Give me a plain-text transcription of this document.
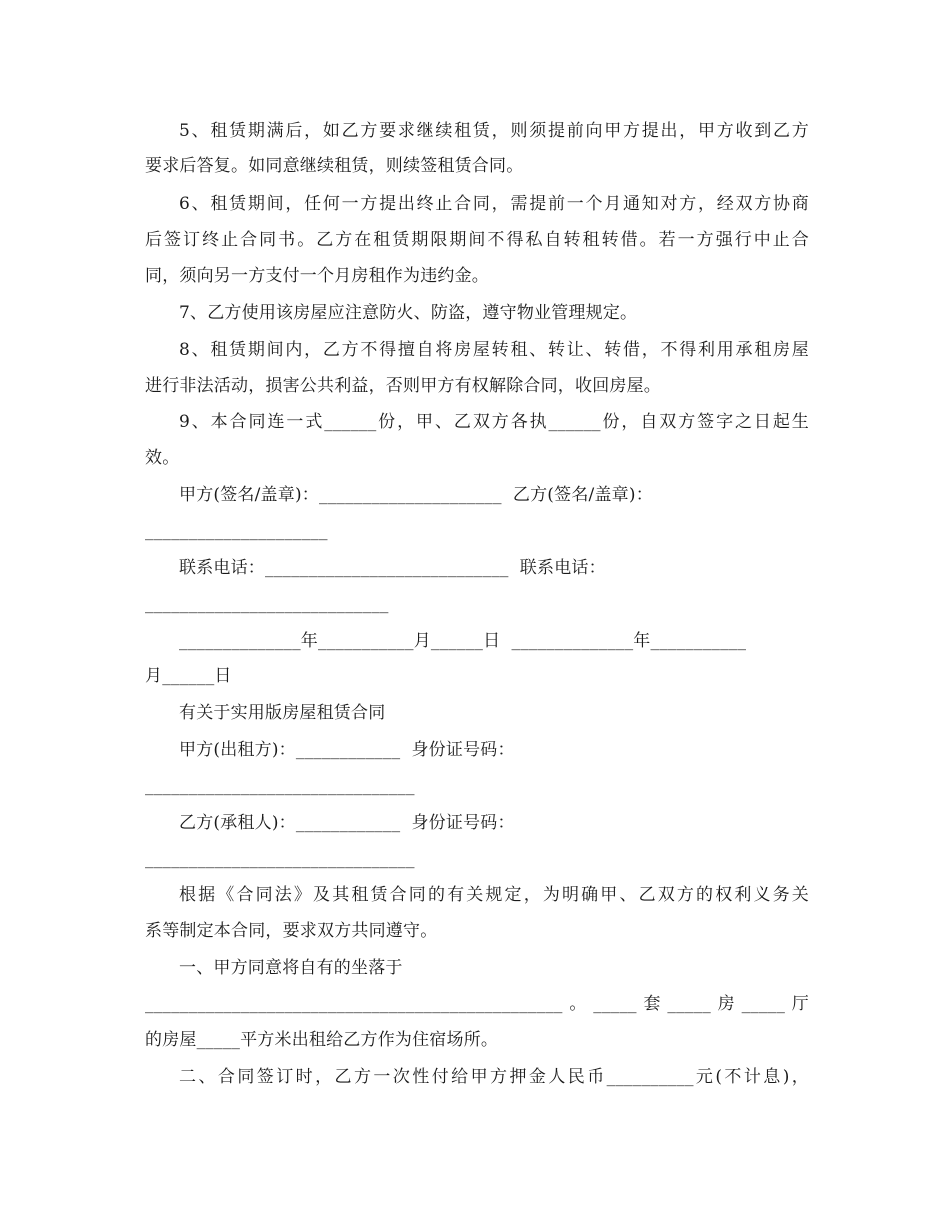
5、租赁期满后，如乙方要求继续租赁，则须提前向甲方提出，甲方收到乙方
要求后答复。如同意继续租赁，则续签租赁合同。
6、租赁期间，任何一方提出终止合同，需提前一个月通知对方，经双方协商
后签订终止合同书。乙方在租赁期限期间不得私自转租转借。若一方强行中止合
同，须向另一方支付一个月房租作为违约金。
7、乙方使用该房屋应注意防火、防盗，遵守物业管理规定。
8、租赁期间内，乙方不得擅自将房屋转租、转让、转借，不得利用承租房屋
进行非法活动，损害公共利益，否则甲方有权解除合同，收回房屋。
9、本合同连一式______份，甲、乙双方各执______份，自双方签字之日起生
效。
甲方(签名/盖章)：_____________________  乙方(签名/盖章)：
_____________________
联系电话：____________________________  联系电话：
____________________________
______________年___________月______日  ______________年___________
月______日
有关于实用版房屋租赁合同
甲方(出租方)：____________  身份证号码：
_______________________________
乙方(承租人)：____________  身份证号码：
_______________________________
根据《合同法》及其租赁合同的有关规定，为明确甲、乙双方的权利义务关
系等制定本合同，要求双方共同遵守。
一、甲方同意将自有的坐落于
________________________________________________。_____套_____房_____厅
的房屋_____平方米出租给乙方作为住宿场所。
二、合同签订时，乙方一次性付给甲方押金人民币__________元(不计息)，
